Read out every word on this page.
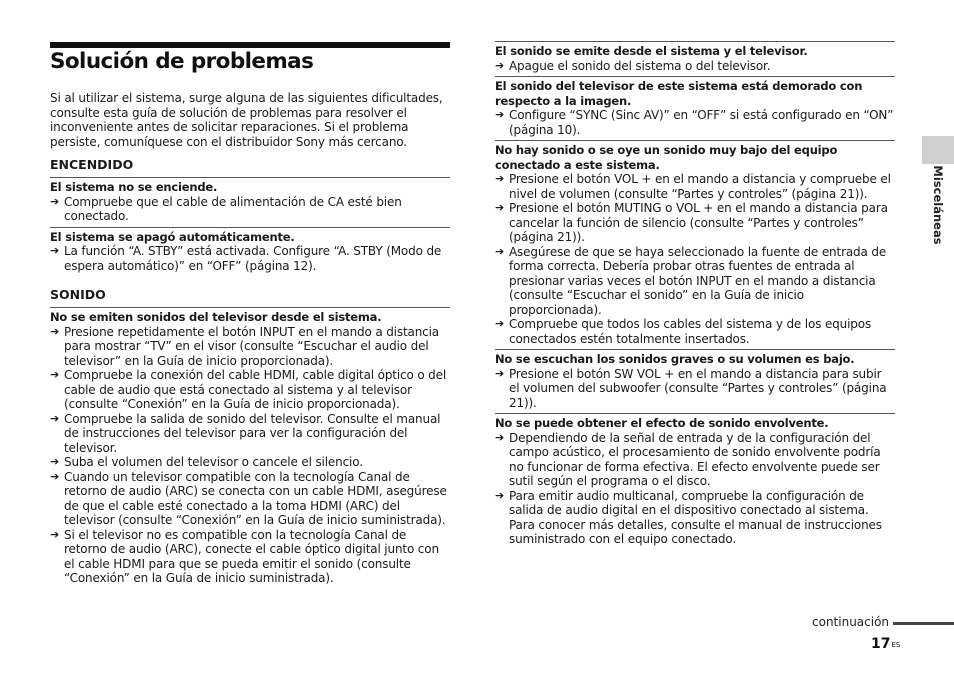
Solución de problemas

Si al utilizar el sistema, surge alguna de las siguientes dificultades, consulte esta guía de solución de problemas para resolver el inconveniente antes de solicitar reparaciones. Si el problema persiste, comuníquese con el distribuidor Sony más cercano.

ENCENDIDO
El sistema no se enciende.
➔ Compruebe que el cable de alimentación de CA esté bien conectado.
El sistema se apagó automáticamente.
➔ La función “A. STBY” está activada. Configure “A. STBY (Modo de espera automático)” en “OFF” (página 12).
SONIDO
No se emiten sonidos del televisor desde el sistema.
➔ Presione repetidamente el botón INPUT en el mando a distancia para mostrar “TV” en el visor (consulte “Escuchar el audio del televisor” en la Guía de inicio proporcionada).
➔ Compruebe la conexión del cable HDMI, cable digital óptico o del cable de audio que está conectado al sistema y al televisor (consulte “Conexión” en la Guía de inicio proporcionada).
➔ Compruebe la salida de sonido del televisor. Consulte el manual de instrucciones del televisor para ver la configuración del televisor.
➔ Suba el volumen del televisor o cancele el silencio.
➔ Cuando un televisor compatible con la tecnología Canal de retorno de audio (ARC) se conecta con un cable HDMI, asegúrese de que el cable esté conectado a la toma HDMI (ARC) del televisor (consulte “Conexión” en la Guía de inicio suministrada).
➔ Si el televisor no es compatible con la tecnología Canal de retorno de audio (ARC), conecte el cable óptico digital junto con el cable HDMI para que se pueda emitir el sonido (consulte “Conexión” en la Guía de inicio suministrada).
El sonido se emite desde el sistema y el televisor.
➔ Apague el sonido del sistema o del televisor.
El sonido del televisor de este sistema está demorado con respecto a la imagen.
➔ Configure “SYNC (Sinc AV)” en “OFF” si está configurado en “ON” (página 10).
No hay sonido o se oye un sonido muy bajo del equipo conectado a este sistema.
➔ Presione el botón VOL + en el mando a distancia y compruebe el nivel de volumen (consulte “Partes y controles” (página 21)).
➔ Presione el botón MUTING o VOL + en el mando a distancia para cancelar la función de silencio (consulte “Partes y controles” (página 21)).
➔ Asegúrese de que se haya seleccionado la fuente de entrada de forma correcta. Debería probar otras fuentes de entrada al presionar varias veces el botón INPUT en el mando a distancia (consulte “Escuchar el sonido” en la Guía de inicio proporcionada).
➔ Compruebe que todos los cables del sistema y de los equipos conectados estén totalmente insertados.
No se escuchan los sonidos graves o su volumen es bajo.
➔ Presione el botón SW VOL + en el mando a distancia para subir el volumen del subwoofer (consulte “Partes y controles” (página 21)).
No se puede obtener el efecto de sonido envolvente.
➔ Dependiendo de la señal de entrada y de la configuración del campo acústico, el procesamiento de sonido envolvente podría no funcionar de forma efectiva. El efecto envolvente puede ser sutil según el programa o el disco.
➔ Para emitir audio multicanal, compruebe la configuración de salida de audio digital en el dispositivo conectado al sistema. Para conocer más detalles, consulte el manual de instrucciones suministrado con el equipo conectado.
Misceláneas
continuación
$17^{ES}$
